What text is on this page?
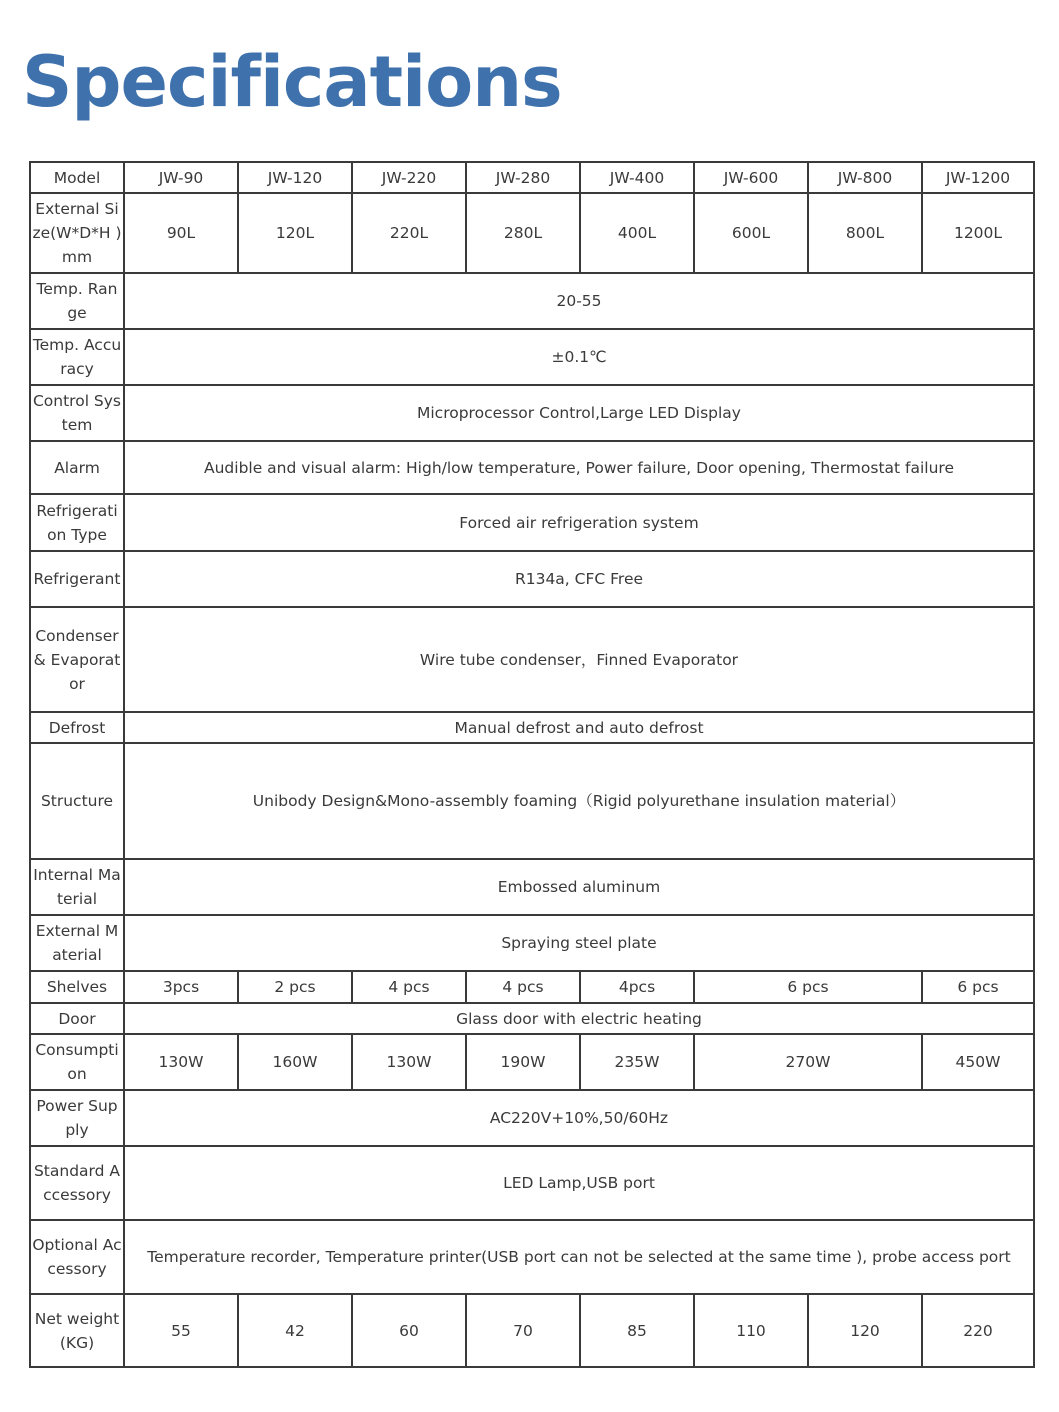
Specifications
Model	JW-90	JW-120	JW-220	JW-280	JW-400	JW-600	JW-800	JW-1200
External Size(W*D*H ) mm	90L	120L	220L	280L	400L	600L	800L	1200L
Temp. Range	20-55							
Temp. Accuracy	±0.1℃							
Control System	Microprocessor Control,Large LED Display							
Alarm	Audible and visual alarm: High/low temperature, Power failure, Door opening, Thermostat failure							
Refrigeration Type	Forced air refrigeration system							
Refrigerant	R134a, CFC Free							
Condenser & Evaporator	Wire tube condenser，Finned Evaporator							
Defrost	Manual defrost and auto defrost							
Structure	Unibody Design&Mono-assembly foaming（Rigid polyurethane insulation material）							
Internal Material	Embossed aluminum							
External Material	Spraying steel plate							
Shelves	3pcs	2 pcs	4 pcs	4 pcs	4pcs	6 pcs		6 pcs
Door	Glass door with electric heating							
Consumption	130W	160W	130W	190W	235W	270W		450W
Power Supply	AC220V+10%,50/60Hz							
Standard Accessory	LED Lamp,USB port							
Optional Accessory	Temperature recorder, Temperature printer(USB port can not be selected at the same time ), probe access port							
Net weight (KG)	55	42	60	70	85	110	120	220
